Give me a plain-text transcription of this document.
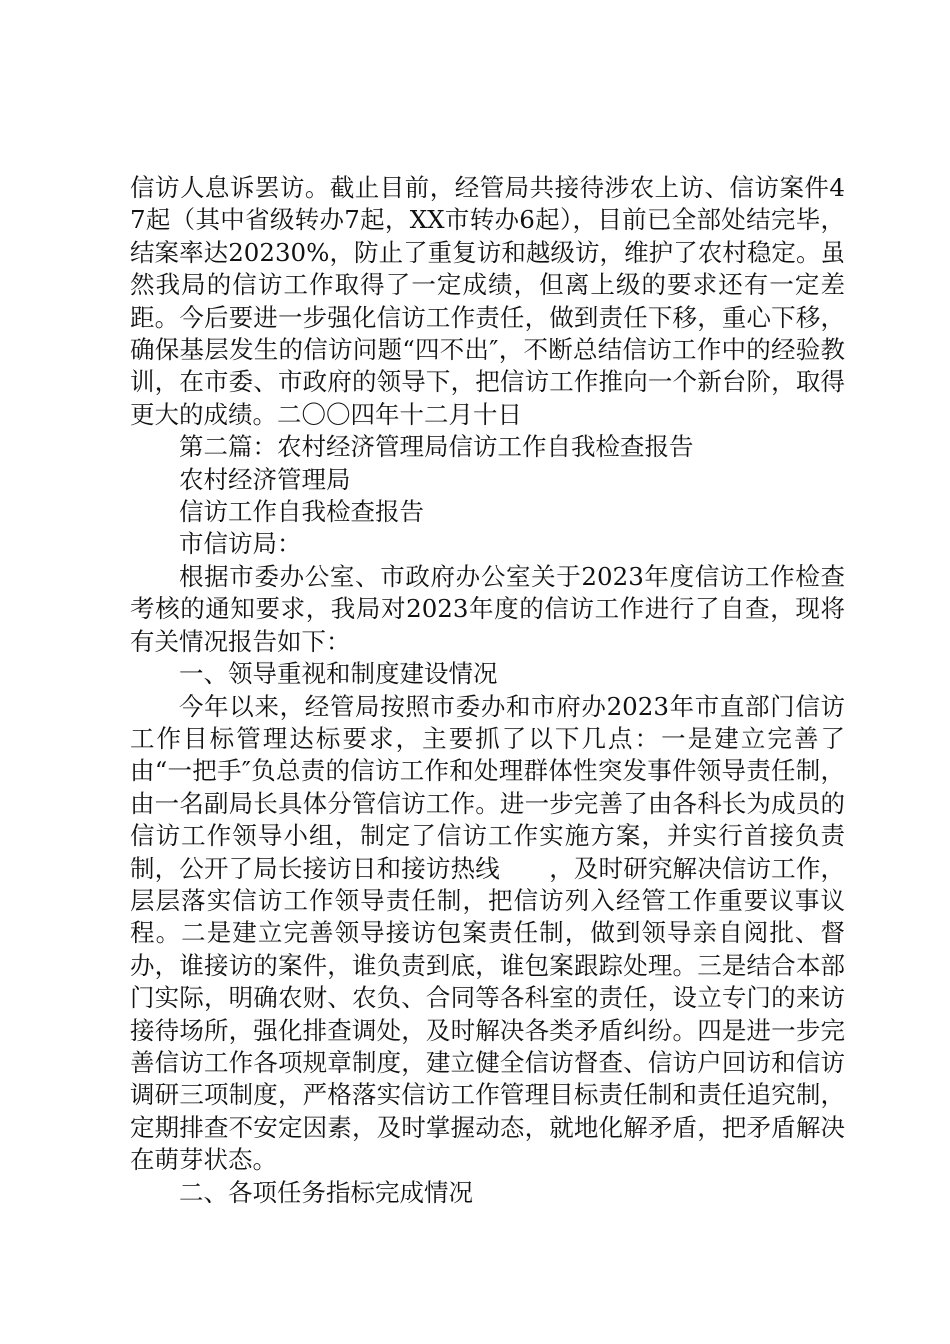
信访人息诉罢访。截止目前，经管局共接待涉农上访、信访案件47起（其中省级转办7起，XX市转办6起），目前已全部处结完毕，结案率达20230%，防止了重复访和越级访，维护了农村稳定。虽然我局的信访工作取得了一定成绩，但离上级的要求还有一定差距。今后要进一步强化信访工作责任，做到责任下移，重心下移，确保基层发生的信访问题“四不出″，不断总结信访工作中的经验教训，在市委、市政府的领导下，把信访工作推向一个新台阶，取得更大的成绩。二〇〇四年十二月十日

第二篇：农村经济管理局信访工作自我检查报告

农村经济管理局

信访工作自我检查报告

市信访局：

根据市委办公室、市政府办公室关于2023年度信访工作检查考核的通知要求，我局对2023年度的信访工作进行了自查，现将有关情况报告如下：

一、领导重视和制度建设情况

今年以来，经管局按照市委办和市府办2023年市直部门信访工作目标管理达标要求，主要抓了以下几点：一是建立完善了由“一把手″负总责的信访工作和处理群体性突发事件领导责任制，由一名副局长具体分管信访工作。进一步完善了由各科长为成员的信访工作领导小组，制定了信访工作实施方案，并实行首接负责制，公开了局长接访日和接访热线　　，及时研究解决信访工作，层层落实信访工作领导责任制，把信访列入经管工作重要议事议程。二是建立完善领导接访包案责任制，做到领导亲自阅批、督办，谁接访的案件，谁负责到底，谁包案跟踪处理。三是结合本部门实际，明确农财、农负、合同等各科室的责任，设立专门的来访接待场所，强化排查调处，及时解决各类矛盾纠纷。四是进一步完善信访工作各项规章制度，建立健全信访督查、信访户回访和信访调研三项制度，严格落实信访工作管理目标责任制和责任追究制，定期排查不安定因素，及时掌握动态，就地化解矛盾，把矛盾解决在萌芽状态。

二、各项任务指标完成情况
